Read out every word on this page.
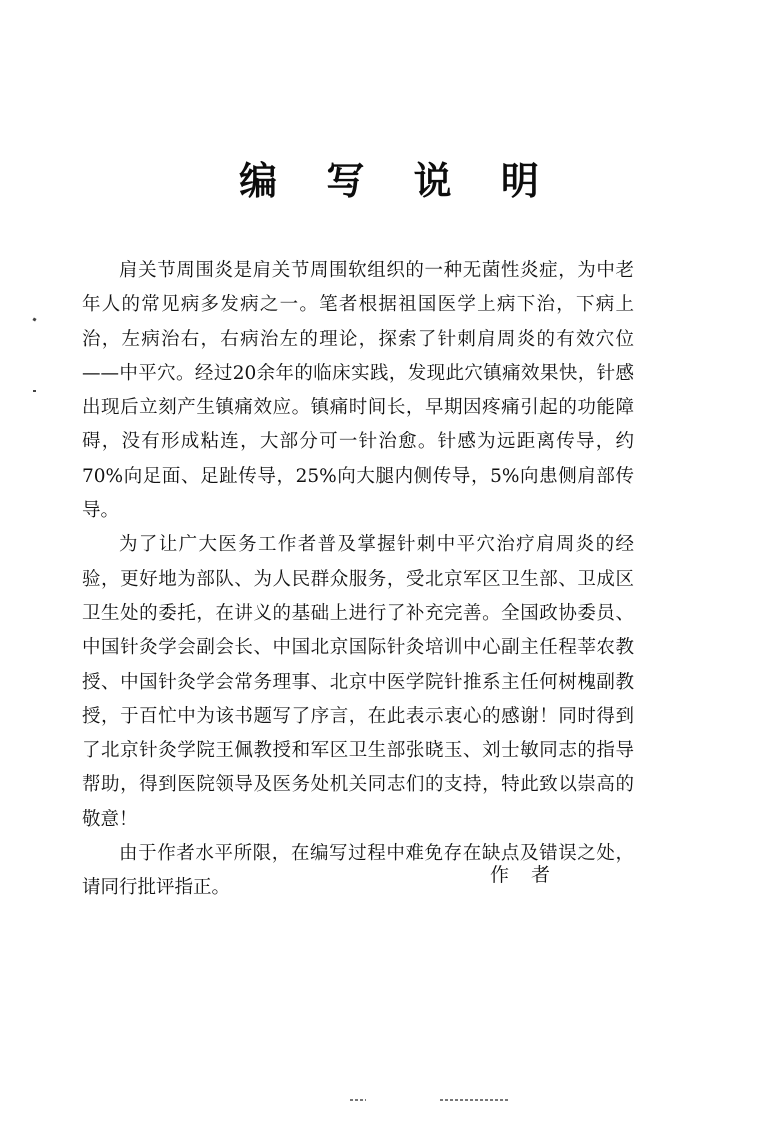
编 写 说 明

肩关节周围炎是肩关节周围软组织的一种无菌性炎症，为中老年人的常见病多发病之一。笔者根据祖国医学上病下治，下病上治，左病治右，右病治左的理论，探索了针刺肩周炎的有效穴位——中平穴。经过20余年的临床实践，发现此穴镇痛效果快，针感出现后立刻产生镇痛效应。镇痛时间长，早期因疼痛引起的功能障碍，没有形成粘连，大部分可一针治愈。针感为远距离传导，约70%向足面、足趾传导，25%向大腿内侧传导，5%向患侧肩部传导。

为了让广大医务工作者普及掌握针刺中平穴治疗肩周炎的经验，更好地为部队、为人民群众服务，受北京军区卫生部、卫成区卫生处的委托，在讲义的基础上进行了补充完善。全国政协委员、中国针灸学会副会长、中国北京国际针灸培训中心副主任程莘农教授、中国针灸学会常务理事、北京中医学院针推系主任何树槐副教授，于百忙中为该书题写了序言，在此表示衷心的感谢！同时得到了北京针灸学院王佩教授和军区卫生部张晓玉、刘士敏同志的指导帮助，得到医院领导及医务处机关同志们的支持，特此致以崇高的敬意！

由于作者水平所限，在编写过程中难免存在缺点及错误之处，请同行批评指正。

作者
